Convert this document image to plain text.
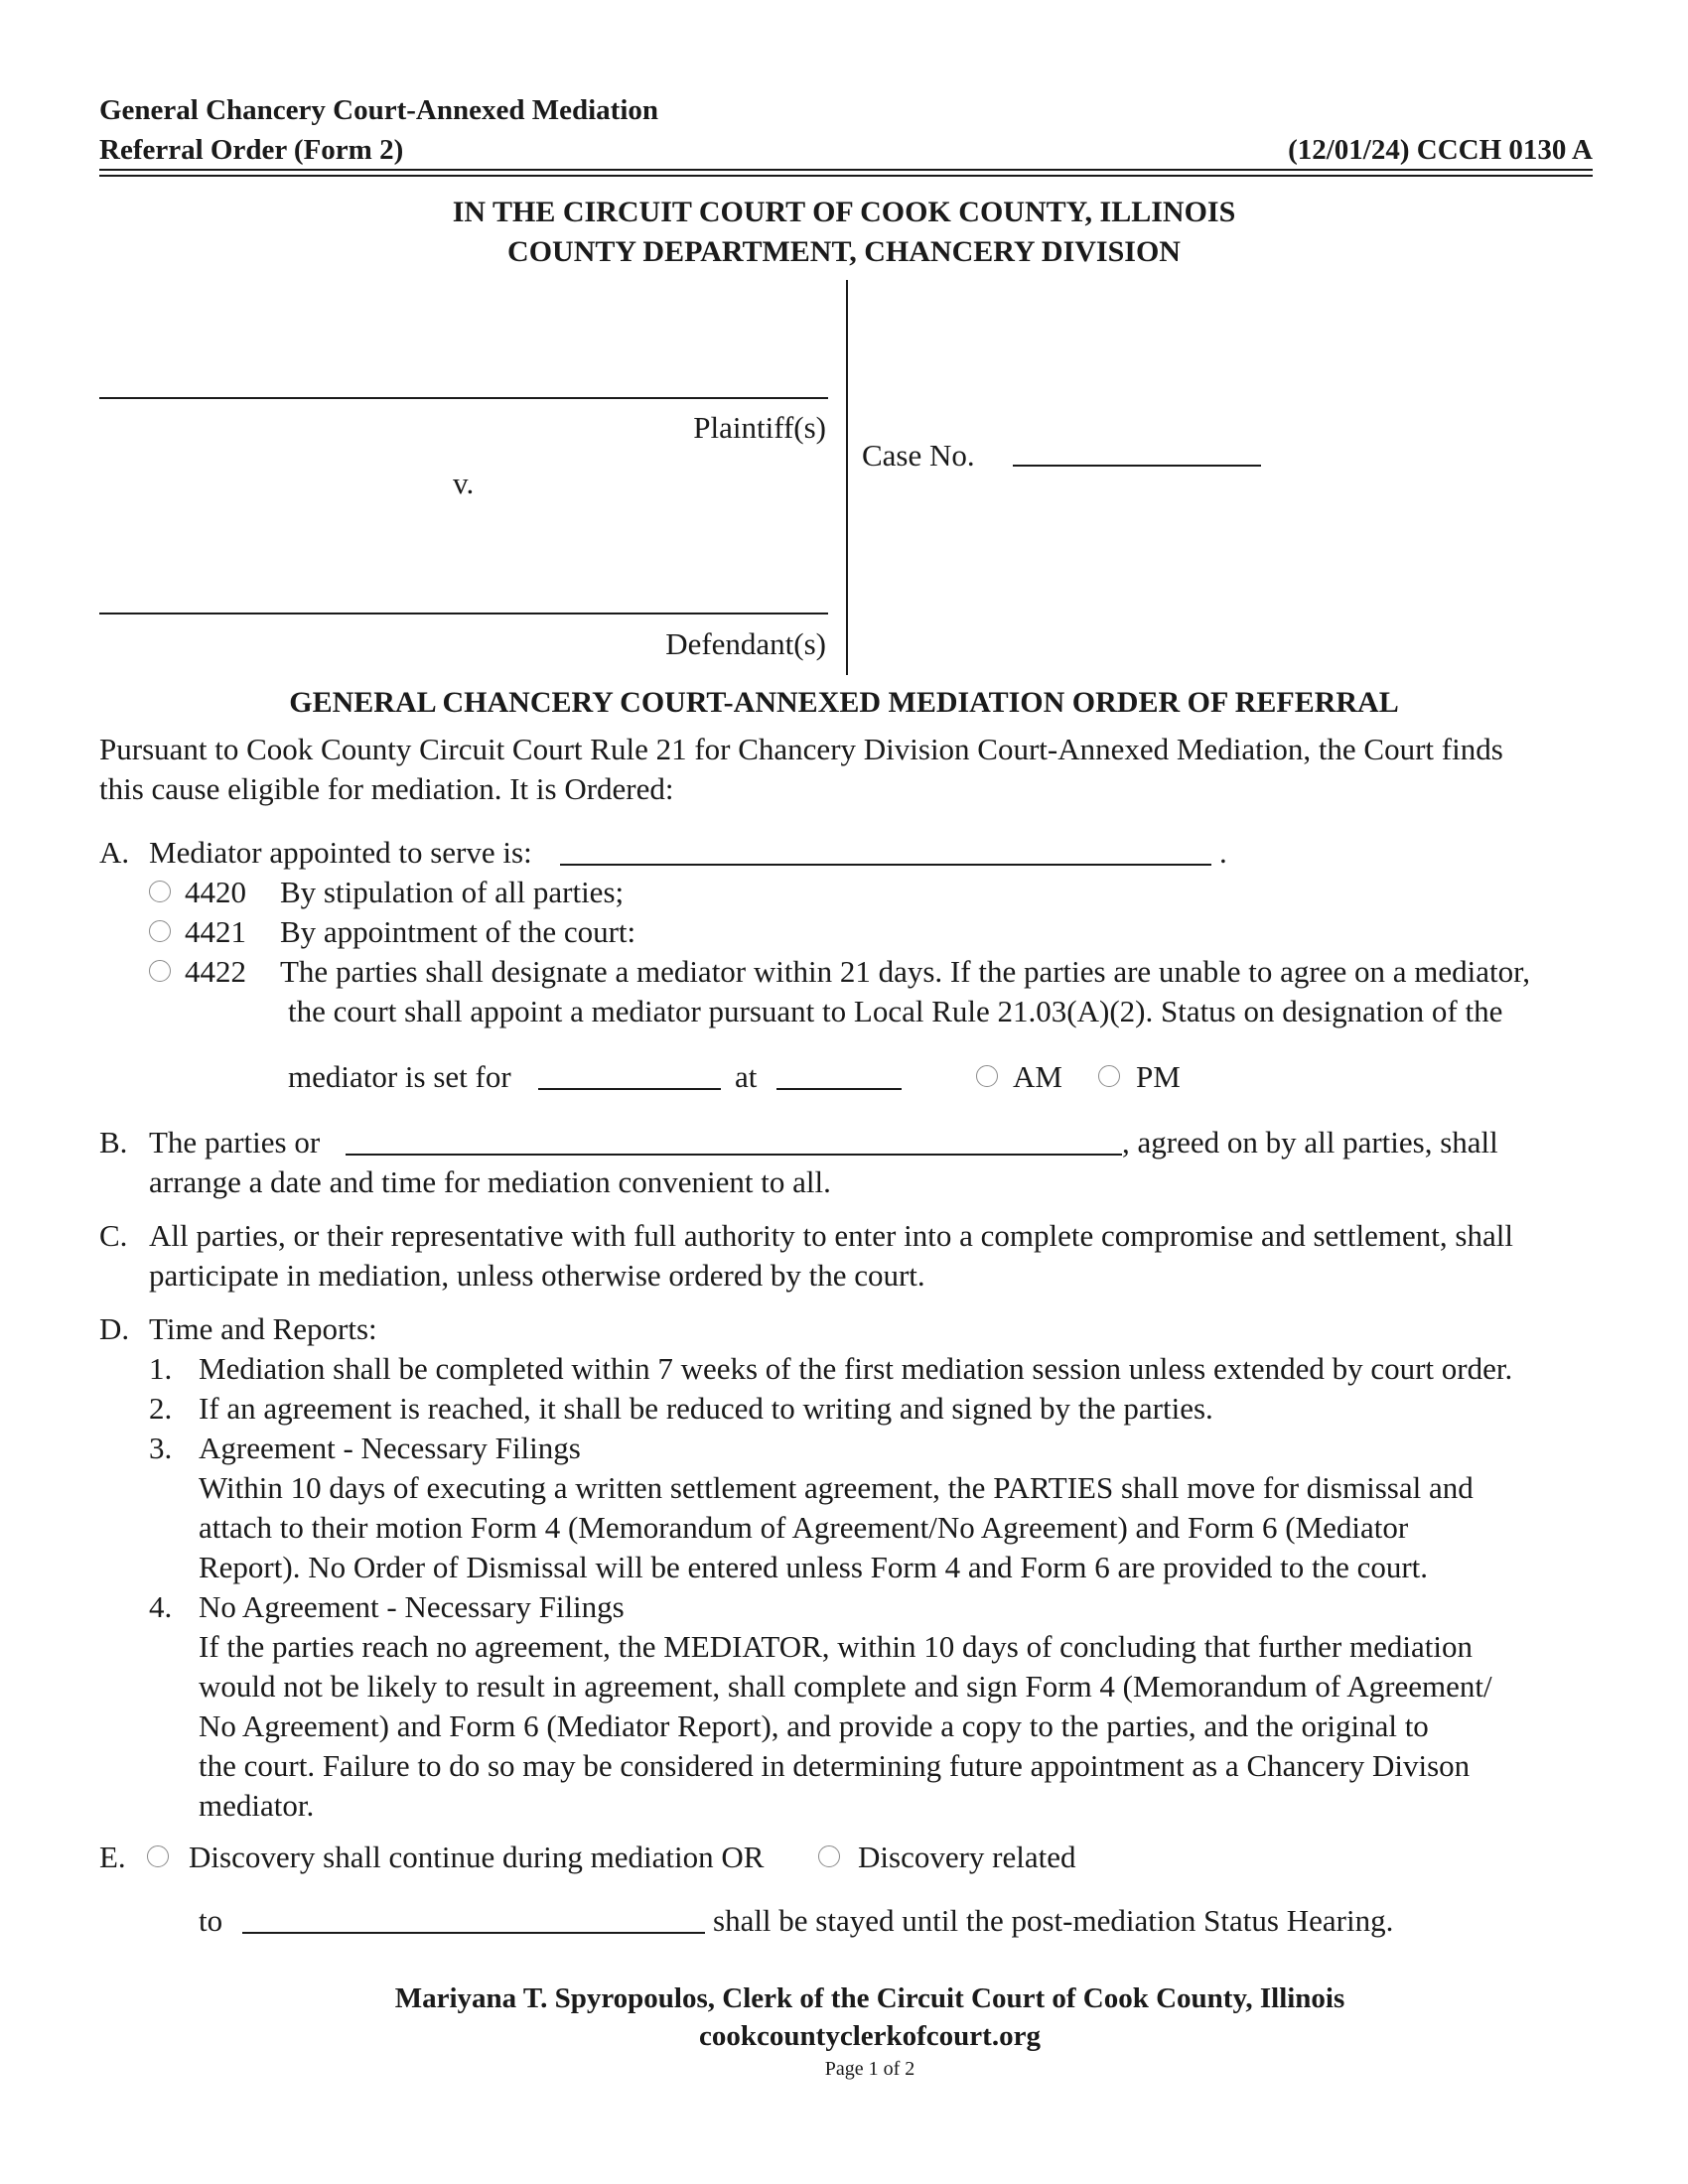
General Chancery Court-Annexed Mediation
Referral Order (Form 2)	(12/01/24) CCCH 0130 A
IN THE CIRCUIT COURT OF COOK COUNTY, ILLINOIS
COUNTY DEPARTMENT, CHANCERY DIVISION
Plaintiff(s)
v.
Defendant(s)
Case No.
GENERAL CHANCERY COURT-ANNEXED MEDIATION ORDER OF REFERRAL
Pursuant to Cook County Circuit Court Rule 21 for Chancery Division Court-Annexed Mediation, the Court finds
this cause eligible for mediation. It is Ordered:
A. Mediator appointed to serve is:	.
4420 By stipulation of all parties;
4421 By appointment of the court:
4422 The parties shall designate a mediator within 21 days. If the parties are unable to agree on a mediator,
the court shall appoint a mediator pursuant to Local Rule 21.03(A)(2). Status on designation of the
mediator is set for	at	AM PM
B. The parties or	, agreed on by all parties, shall
arrange a date and time for mediation convenient to all.
C. All parties, or their representative with full authority to enter into a complete compromise and settlement, shall
participate in mediation, unless otherwise ordered by the court.
D. Time and Reports:
1. Mediation shall be completed within 7 weeks of the first mediation session unless extended by court order.
2. If an agreement is reached, it shall be reduced to writing and signed by the parties.
3. Agreement - Necessary Filings
Within 10 days of executing a written settlement agreement, the PARTIES shall move for dismissal and
attach to their motion Form 4 (Memorandum of Agreement/No Agreement) and Form 6 (Mediator
Report). No Order of Dismissal will be entered unless Form 4 and Form 6 are provided to the court.
4. No Agreement - Necessary Filings
If the parties reach no agreement, the MEDIATOR, within 10 days of concluding that further mediation
would not be likely to result in agreement, shall complete and sign Form 4 (Memorandum of Agreement/
No Agreement) and Form 6 (Mediator Report), and provide a copy to the parties, and the original to
the court. Failure to do so may be considered in determining future appointment as a Chancery Divison
mediator.
E. Discovery shall continue during mediation OR	Discovery related
to	shall be stayed until the post-mediation Status Hearing.
Mariyana T. Spyropoulos, Clerk of the Circuit Court of Cook County, Illinois
cookcountyclerkofcourt.org
Page 1 of 2
